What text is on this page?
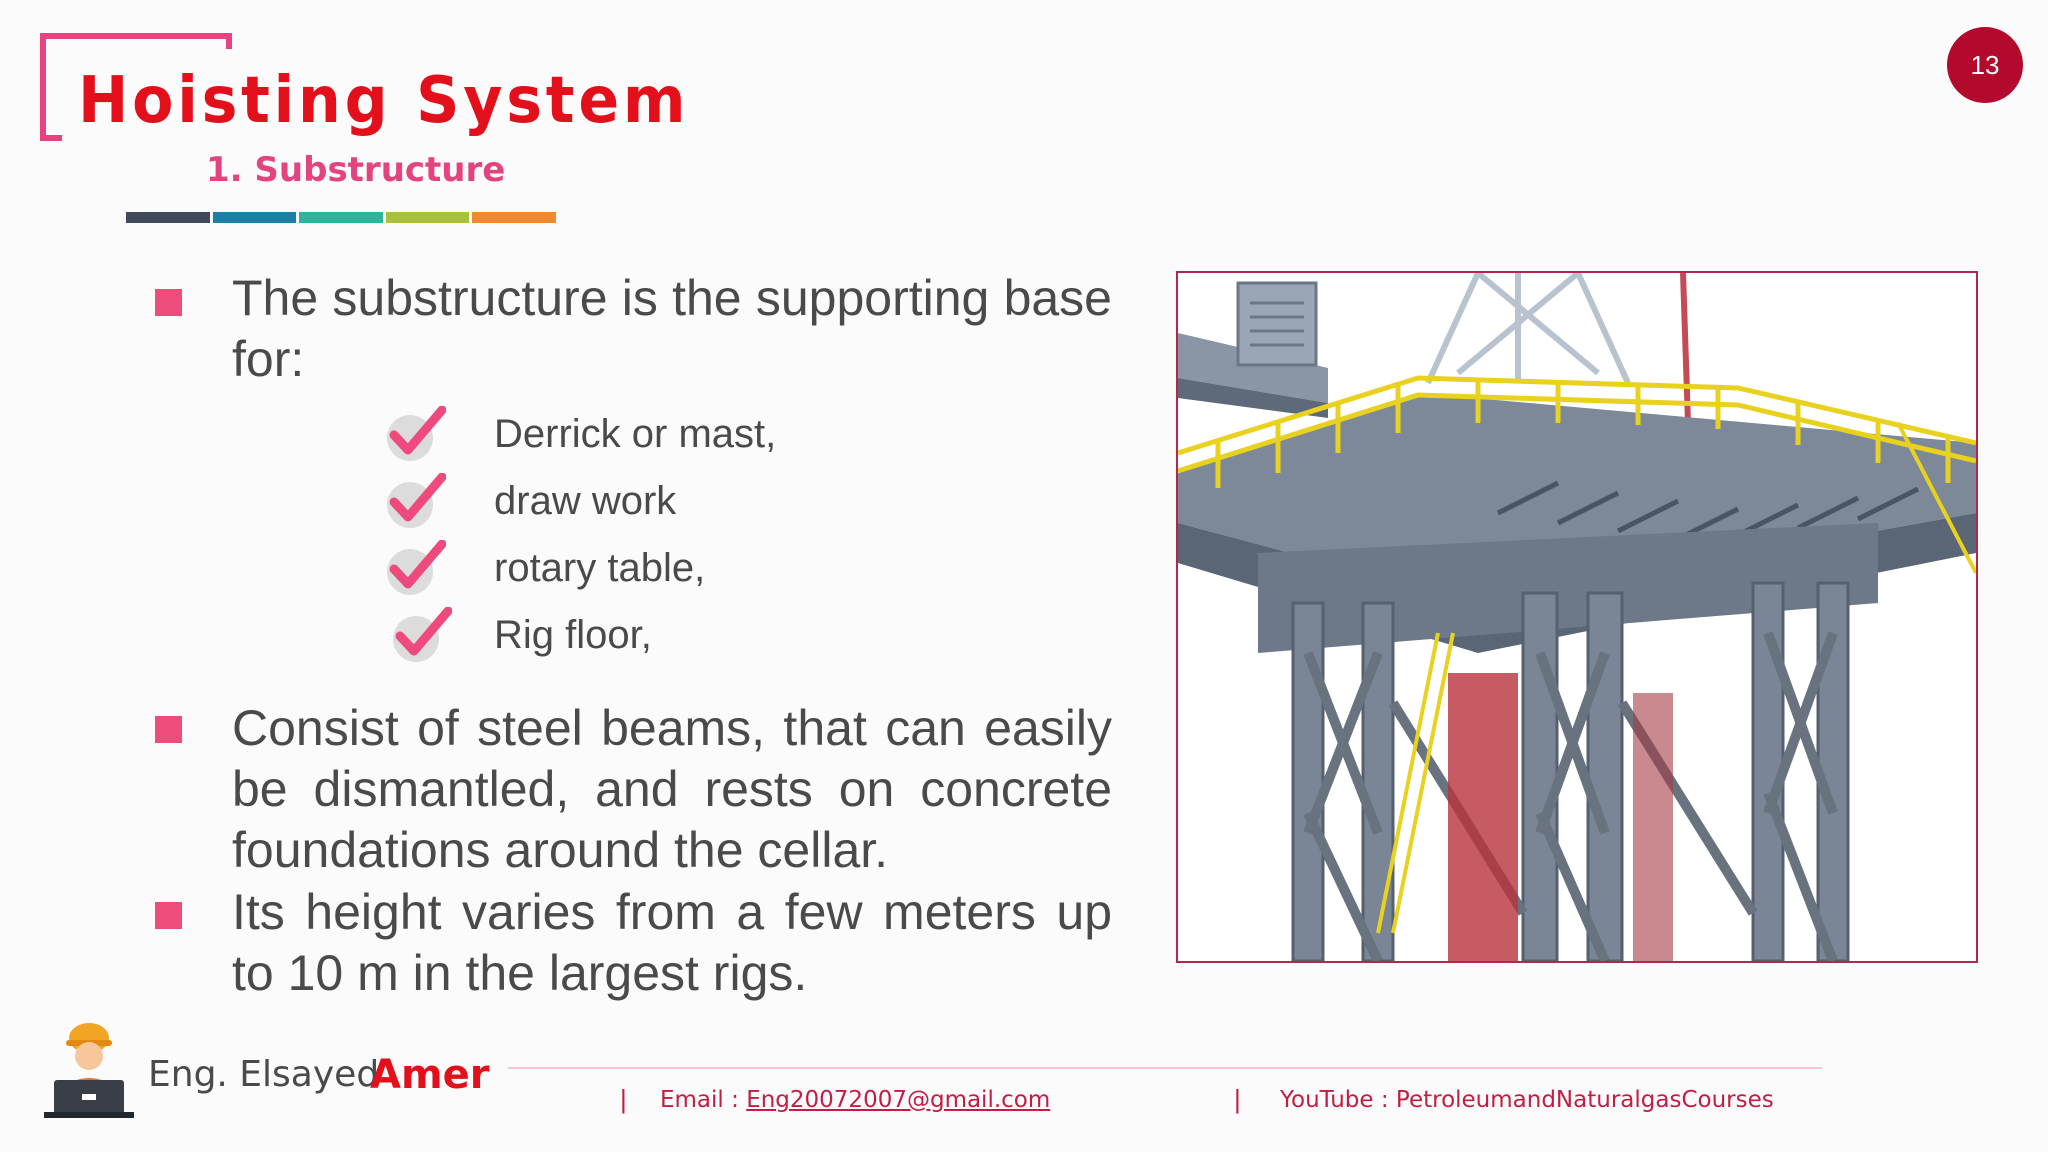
Hoisting System
1. Substructure
13
The substructure is the supporting base for:
Derrick or mast,
draw work
rotary table,
Rig floor,
Consist of steel beams, that can easily be dismantled, and rests on concrete foundations around the cellar.
Its height varies from a few meters up to 10 m in the largest rigs.
Eng. Elsayed
Amer
| Email : Eng20072007@gmail.com	| YouTube : PetroleumandNaturalgasCourses
